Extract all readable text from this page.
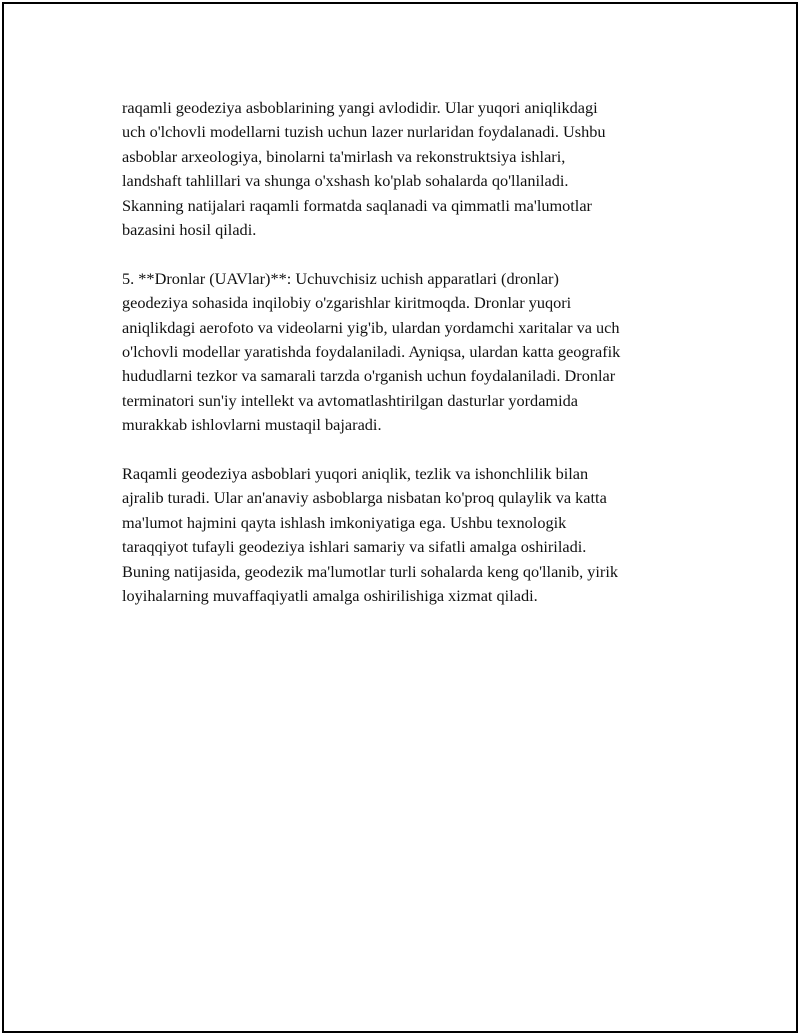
raqamli geodeziya asboblarining yangi avlodidir. Ular yuqori aniqlikdagi
uch o'lchovli modellarni tuzish uchun lazer nurlaridan foydalanadi. Ushbu
asboblar arxeologiya, binolarni ta'mirlash va rekonstruktsiya ishlari,
landshaft tahlillari va shunga o'xshash ko'plab sohalarda qo'llaniladi.
Skanning natijalari raqamli formatda saqlanadi va qimmatli ma'lumotlar
bazasini hosil qiladi.

5. **Dronlar (UAVlar)**: Uchuvchisiz uchish apparatlari (dronlar)
geodeziya sohasida inqilobiy o'zgarishlar kiritmoqda. Dronlar yuqori
aniqlikdagi aerofoto va videolarni yig'ib, ulardan yordamchi xaritalar va uch
o'lchovli modellar yaratishda foydalaniladi. Ayniqsa, ulardan katta geografik
hududlarni tezkor va samarali tarzda o'rganish uchun foydalaniladi. Dronlar
terminatori sun'iy intellekt va avtomatlashtirilgan dasturlar yordamida
murakkab ishlovlarni mustaqil bajaradi.

Raqamli geodeziya asboblari yuqori aniqlik, tezlik va ishonchlilik bilan
ajralib turadi. Ular an'anaviy asboblarga nisbatan ko'proq qulaylik va katta
ma'lumot hajmini qayta ishlash imkoniyatiga ega. Ushbu texnologik
taraqqiyot tufayli geodeziya ishlari samariy va sifatli amalga oshiriladi.
Buning natijasida, geodezik ma'lumotlar turli sohalarda keng qo'llanib, yirik
loyihalarning muvaffaqiyatli amalga oshirilishiga xizmat qiladi.
